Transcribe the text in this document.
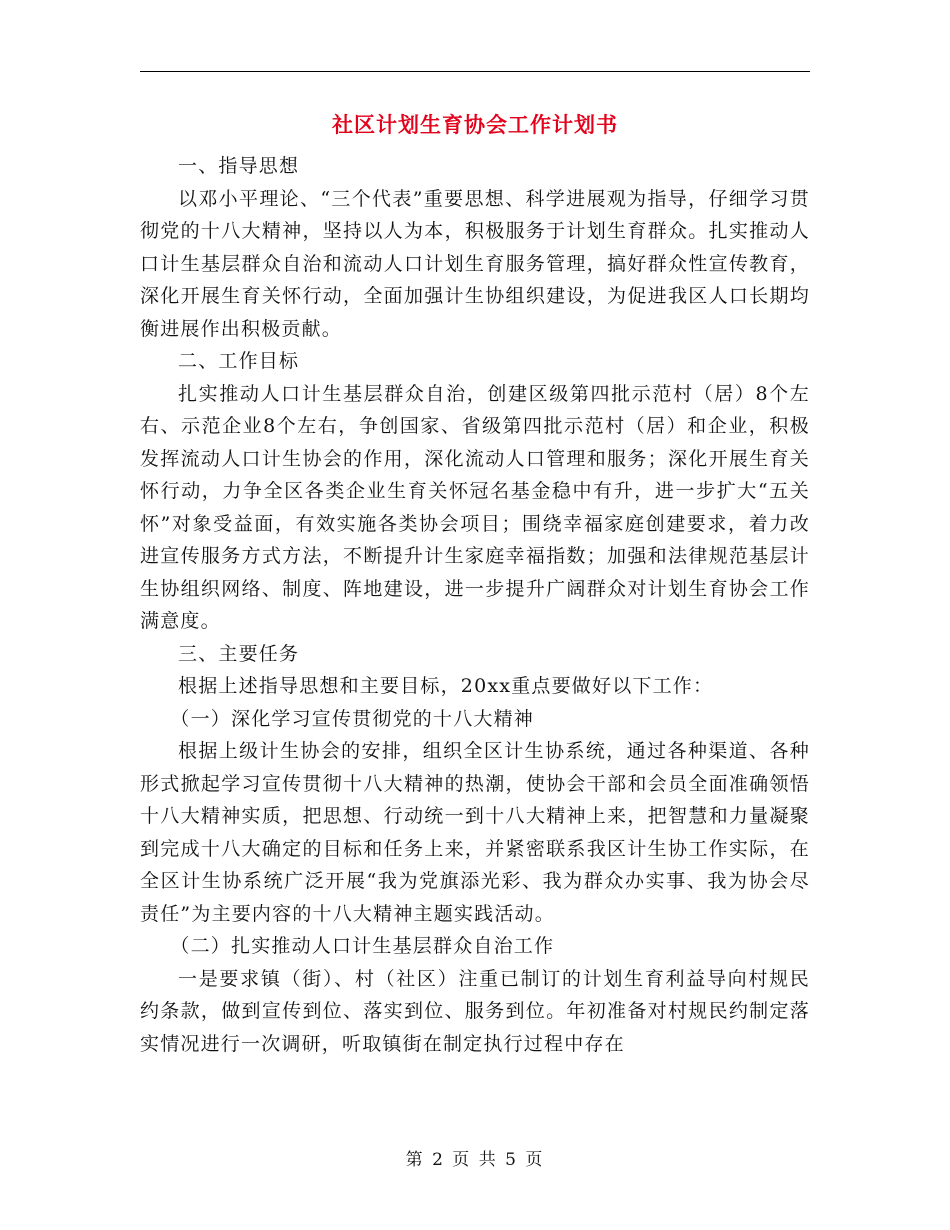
社区计划生育协会工作计划书

一、指导思想

以邓小平理论、“三个代表”重要思想、科学进展观为指导，仔细学习贯彻党的十八大精神，坚持以人为本，积极服务于计划生育群众。扎实推动人口计生基层群众自治和流动人口计划生育服务管理，搞好群众性宣传教育，深化开展生育关怀行动，全面加强计生协组织建设，为促进我区人口长期均衡进展作出积极贡献。

二、工作目标

扎实推动人口计生基层群众自治，创建区级第四批示范村（居）8个左右、示范企业8个左右，争创国家、省级第四批示范村（居）和企业，积极发挥流动人口计生协会的作用，深化流动人口管理和服务；深化开展生育关怀行动，力争全区各类企业生育关怀冠名基金稳中有升，进一步扩大“五关怀”对象受益面，有效实施各类协会项目；围绕幸福家庭创建要求，着力改进宣传服务方式方法，不断提升计生家庭幸福指数；加强和法律规范基层计生协组织网络、制度、阵地建设，进一步提升广阔群众对计划生育协会工作满意度。

三、主要任务

根据上述指导思想和主要目标，20xx重点要做好以下工作：

（一）深化学习宣传贯彻党的十八大精神

根据上级计生协会的安排，组织全区计生协系统，通过各种渠道、各种形式掀起学习宣传贯彻十八大精神的热潮，使协会干部和会员全面准确领悟十八大精神实质，把思想、行动统一到十八大精神上来，把智慧和力量凝聚到完成十八大确定的目标和任务上来，并紧密联系我区计生协工作实际，在全区计生协系统广泛开展“我为党旗添光彩、我为群众办实事、我为协会尽责任”为主要内容的十八大精神主题实践活动。

（二）扎实推动人口计生基层群众自治工作

一是要求镇（街）、村（社区）注重已制订的计划生育利益导向村规民约条款，做到宣传到位、落实到位、服务到位。年初准备对村规民约制定落实情况进行一次调研，听取镇街在制定执行过程中存在

第 2 页 共 5 页
